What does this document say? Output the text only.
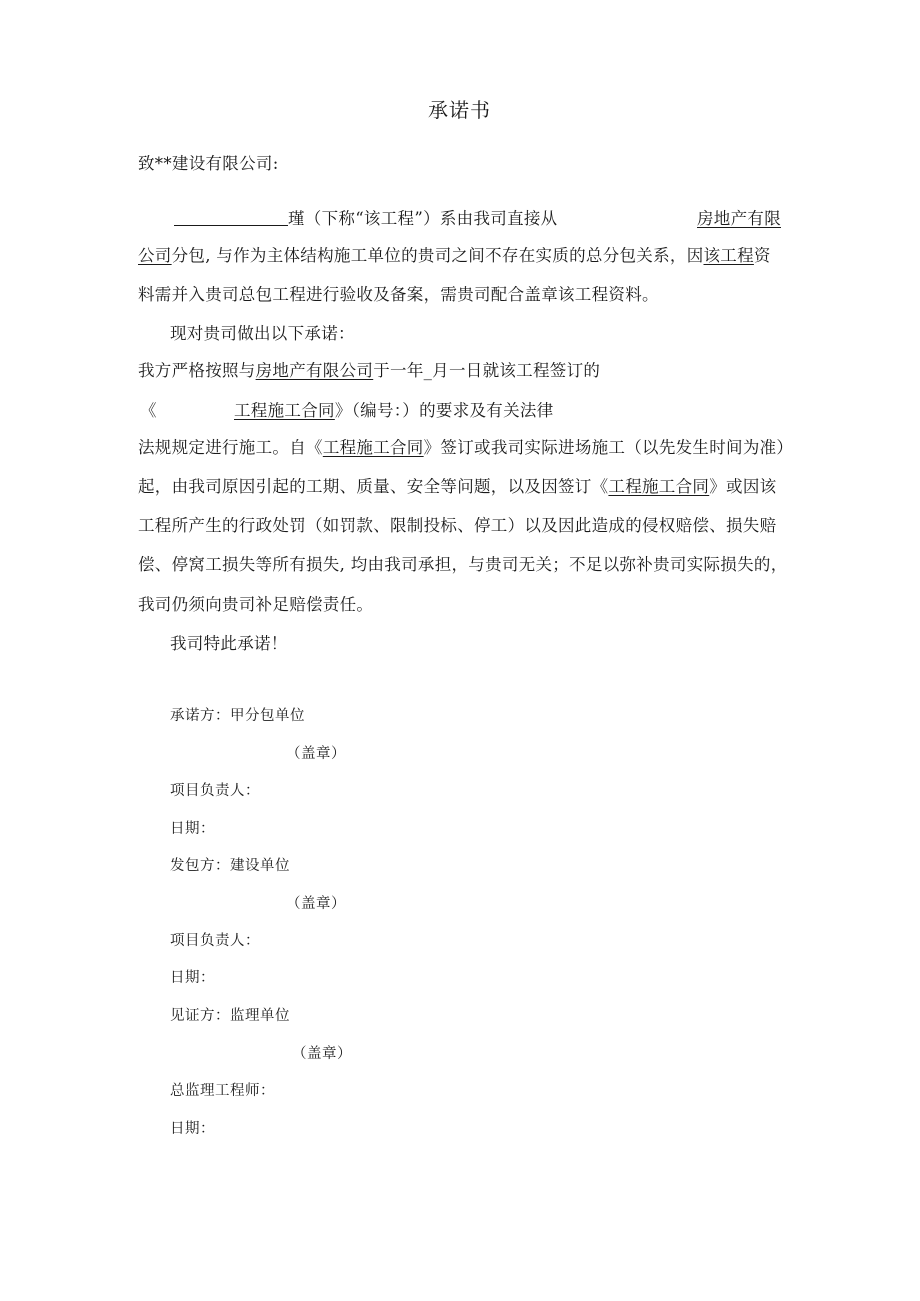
承诺书
致**建设有限公司:
瑾（下称“该工程”）系由我司直接从	房地产有限
公司分包, 与作为主体结构施工单位的贵司之间不存在实质的总分包关系，因该工程资
料需并入贵司总包工程进行验收及备案，需贵司配合盖章该工程资料。
现对贵司做出以下承诺：
我方严格按照与房地产有限公司于一年_月一日就该工程签订的
《	工程施工合同》（编号：）的要求及有关法律
法规规定进行施工。自《工程施工合同》签订或我司实际进场施工（以先发生时间为准）
起，由我司原因引起的工期、质量、安全等问题，以及因签订《工程施工合同》或因该
工程所产生的行政处罚（如罚款、限制投标、停工）以及因此造成的侵权赔偿、损失赔
偿、停窝工损失等所有损失, 均由我司承担，与贵司无关；不足以弥补贵司实际损失的，
我司仍须向贵司补足赔偿责任。
我司特此承诺！
承诺方：甲分包单位
（盖章）
项目负责人：
日期：
发包方：建设单位
（盖章）
项目负责人：
日期：
见证方：监理单位
（盖章）
总监理工程师：
日期：
